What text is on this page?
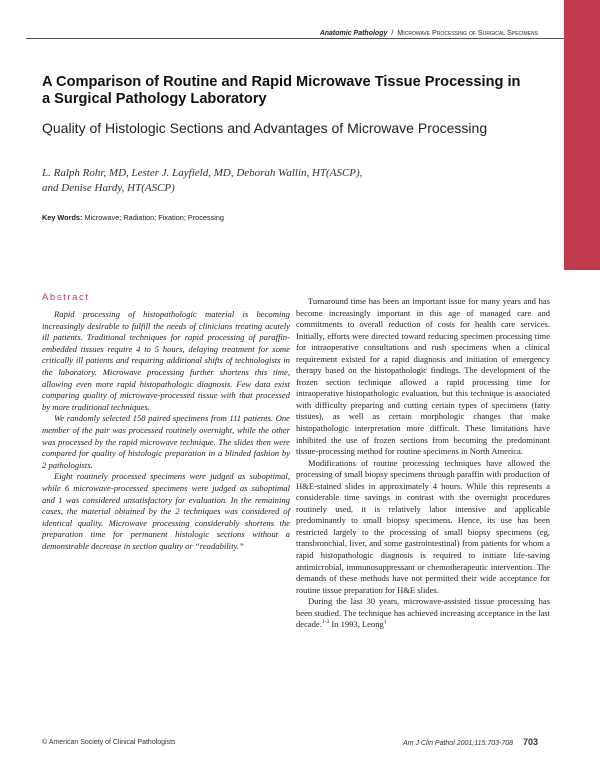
Anatomic Pathology / Microwave Processing of Surgical Specimens
A Comparison of Routine and Rapid Microwave Tissue Processing in a Surgical Pathology Laboratory
Quality of Histologic Sections and Advantages of Microwave Processing
L. Ralph Rohr, MD, Lester J. Layfield, MD, Deborah Wallin, HT(ASCP),
and Denise Hardy, HT(ASCP)
Key Words: Microwave; Radiation; Fixation; Processing
Abstract

Rapid processing of histopathologic material is becoming increasingly desirable to fulfill the needs of clinicians treating acutely ill patients. Traditional techniques for rapid processing of paraffin-embedded tissues require 4 to 5 hours, delaying treatment for some critically ill patients and requiring additional shifts of technologists in the laboratory. Microwave processing further shortens this time, allowing even more rapid histopathologic diagnosis. Few data exist comparing quality of microwave-processed tissue with that processed by more traditional techniques.

We randomly selected 158 paired specimens from 111 patients. One member of the pair was processed routinely overnight, while the other was processed by the rapid microwave technique. The slides then were compared for quality of histologic preparation in a blinded fashion by 2 pathologists.

Eight routinely processed specimens were judged as suboptimal, while 6 microwave-processed specimens were judged as suboptimal and 1 was considered unsatisfactory for evaluation. In the remaining cases, the material obtained by the 2 techniques was considered of identical quality. Microwave processing considerably shortens the preparation time for permanent histologic sections without a demonstrable decrease in section quality or “readability.”

Turnaround time has been an important issue for many years and has become increasingly important in this age of managed care and commitments to overall reduction of costs for health care services. Initially, efforts were directed toward reducing specimen processing time for intraoperative consultations and rush specimens when a clinical requirement existed for a rapid diagnosis and initiation of emergency therapy based on the histopathologic findings. The development of the frozen section technique allowed a rapid processing time for intraoperative histopathologic evaluation, but this technique is associated with difficulty preparing and cutting certain types of specimens (fatty tissues), as well as certain morphologic changes that make histopathologic interpretation more difficult. These limitations have inhibited the use of frozen sections from becoming the predominant tissue-processing method for routine specimens in North America.

Modifications of routine processing techniques have allowed the processing of small biopsy specimens through paraffin with production of H&E-stained slides in approximately 4 hours. While this represents a considerable time savings in contrast with the overnight procedures routinely used, it is relatively labor intensive and applicable predominantly to small biopsy specimens. Hence, its use has been restricted largely to the processing of small biopsy specimens (eg, transbronchial, liver, and some gastrointestinal) from patients for whom a rapid histopathologic diagnosis is required to initiate life-saving antimicrobial, immunosuppressant or chemotherapeutic intervention. The demands of these methods have not permitted their wide acceptance for routine tissue preparation for H&E slides.

During the last 30 years, microwave-assisted tissue processing has been studied. The technique has achieved increasing acceptance in the last decade.$^{1-3}$ In 1993, Leong$^1$

© American Society of Clinical Pathologists	Am J Clin Pathol 2001;115:703-708 703
